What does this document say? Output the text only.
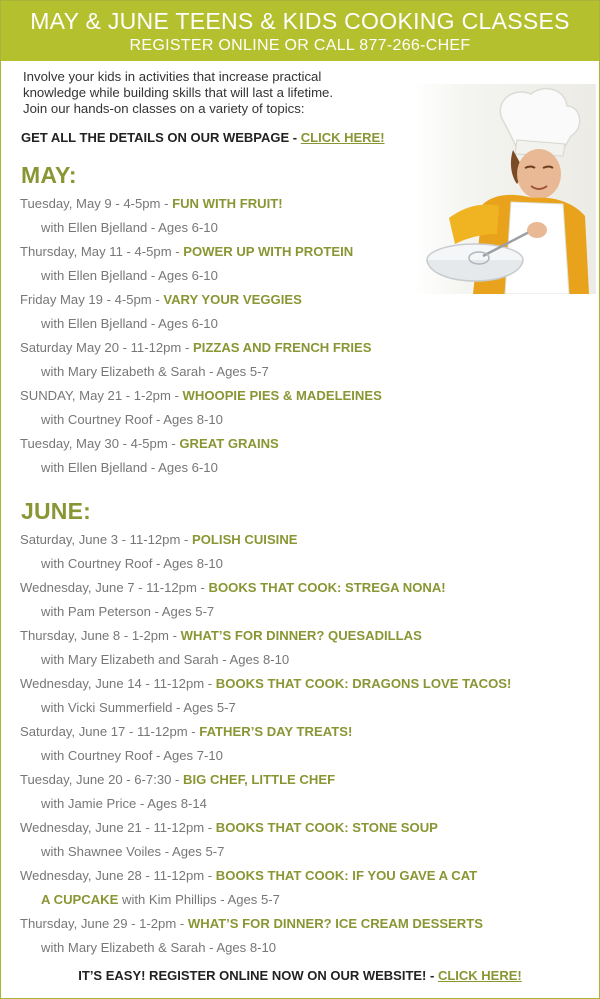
MAY & JUNE TEENS & KIDS COOKING CLASSES
REGISTER ONLINE OR CALL 877-266-CHEF
Involve your kids in activities that increase practical
knowledge while building skills that will last a lifetime.
Join our hands-on classes on a variety of topics:
GET ALL THE DETAILS ON OUR WEBPAGE - CLICK HERE!
MAY:
Tuesday, May 9 - 4-5pm - FUN WITH FRUIT!
with Ellen Bjelland - Ages 6-10
Thursday, May 11 - 4-5pm - POWER UP WITH PROTEIN
with Ellen Bjelland - Ages 6-10
Friday May 19 - 4-5pm - VARY YOUR VEGGIES
with Ellen Bjelland - Ages 6-10
Saturday May 20 - 11-12pm - PIZZAS AND FRENCH FRIES
with Mary Elizabeth & Sarah - Ages 5-7
SUNDAY, May 21 - 1-2pm - WHOOPIE PIES & MADELEINES
with Courtney Roof - Ages 8-10
Tuesday, May 30 - 4-5pm - GREAT GRAINS
with Ellen Bjelland - Ages 6-10
JUNE:
Saturday, June 3 - 11-12pm - POLISH CUISINE
with Courtney Roof - Ages 8-10
Wednesday, June 7 - 11-12pm - BOOKS THAT COOK: STREGA NONA!
with Pam Peterson - Ages 5-7
Thursday, June 8 - 1-2pm - WHAT’S FOR DINNER? QUESADILLAS
with Mary Elizabeth and Sarah - Ages 8-10
Wednesday, June 14 - 11-12pm - BOOKS THAT COOK: DRAGONS LOVE TACOS!
with Vicki Summerfield - Ages 5-7
Saturday, June 17 - 11-12pm - FATHER’S DAY TREATS!
with Courtney Roof - Ages 7-10
Tuesday, June 20 - 6-7:30 - BIG CHEF, LITTLE CHEF
with Jamie Price - Ages 8-14
Wednesday, June 21 - 11-12pm - BOOKS THAT COOK: STONE SOUP
with Shawnee Voiles - Ages 5-7
Wednesday, June 28 - 11-12pm - BOOKS THAT COOK: IF YOU GAVE A CAT
A CUPCAKE with Kim Phillips - Ages 5-7
Thursday, June 29 - 1-2pm - WHAT’S FOR DINNER? ICE CREAM DESSERTS
with Mary Elizabeth & Sarah - Ages 8-10
IT’S EASY! REGISTER ONLINE NOW ON OUR WEBSITE! - CLICK HERE!
